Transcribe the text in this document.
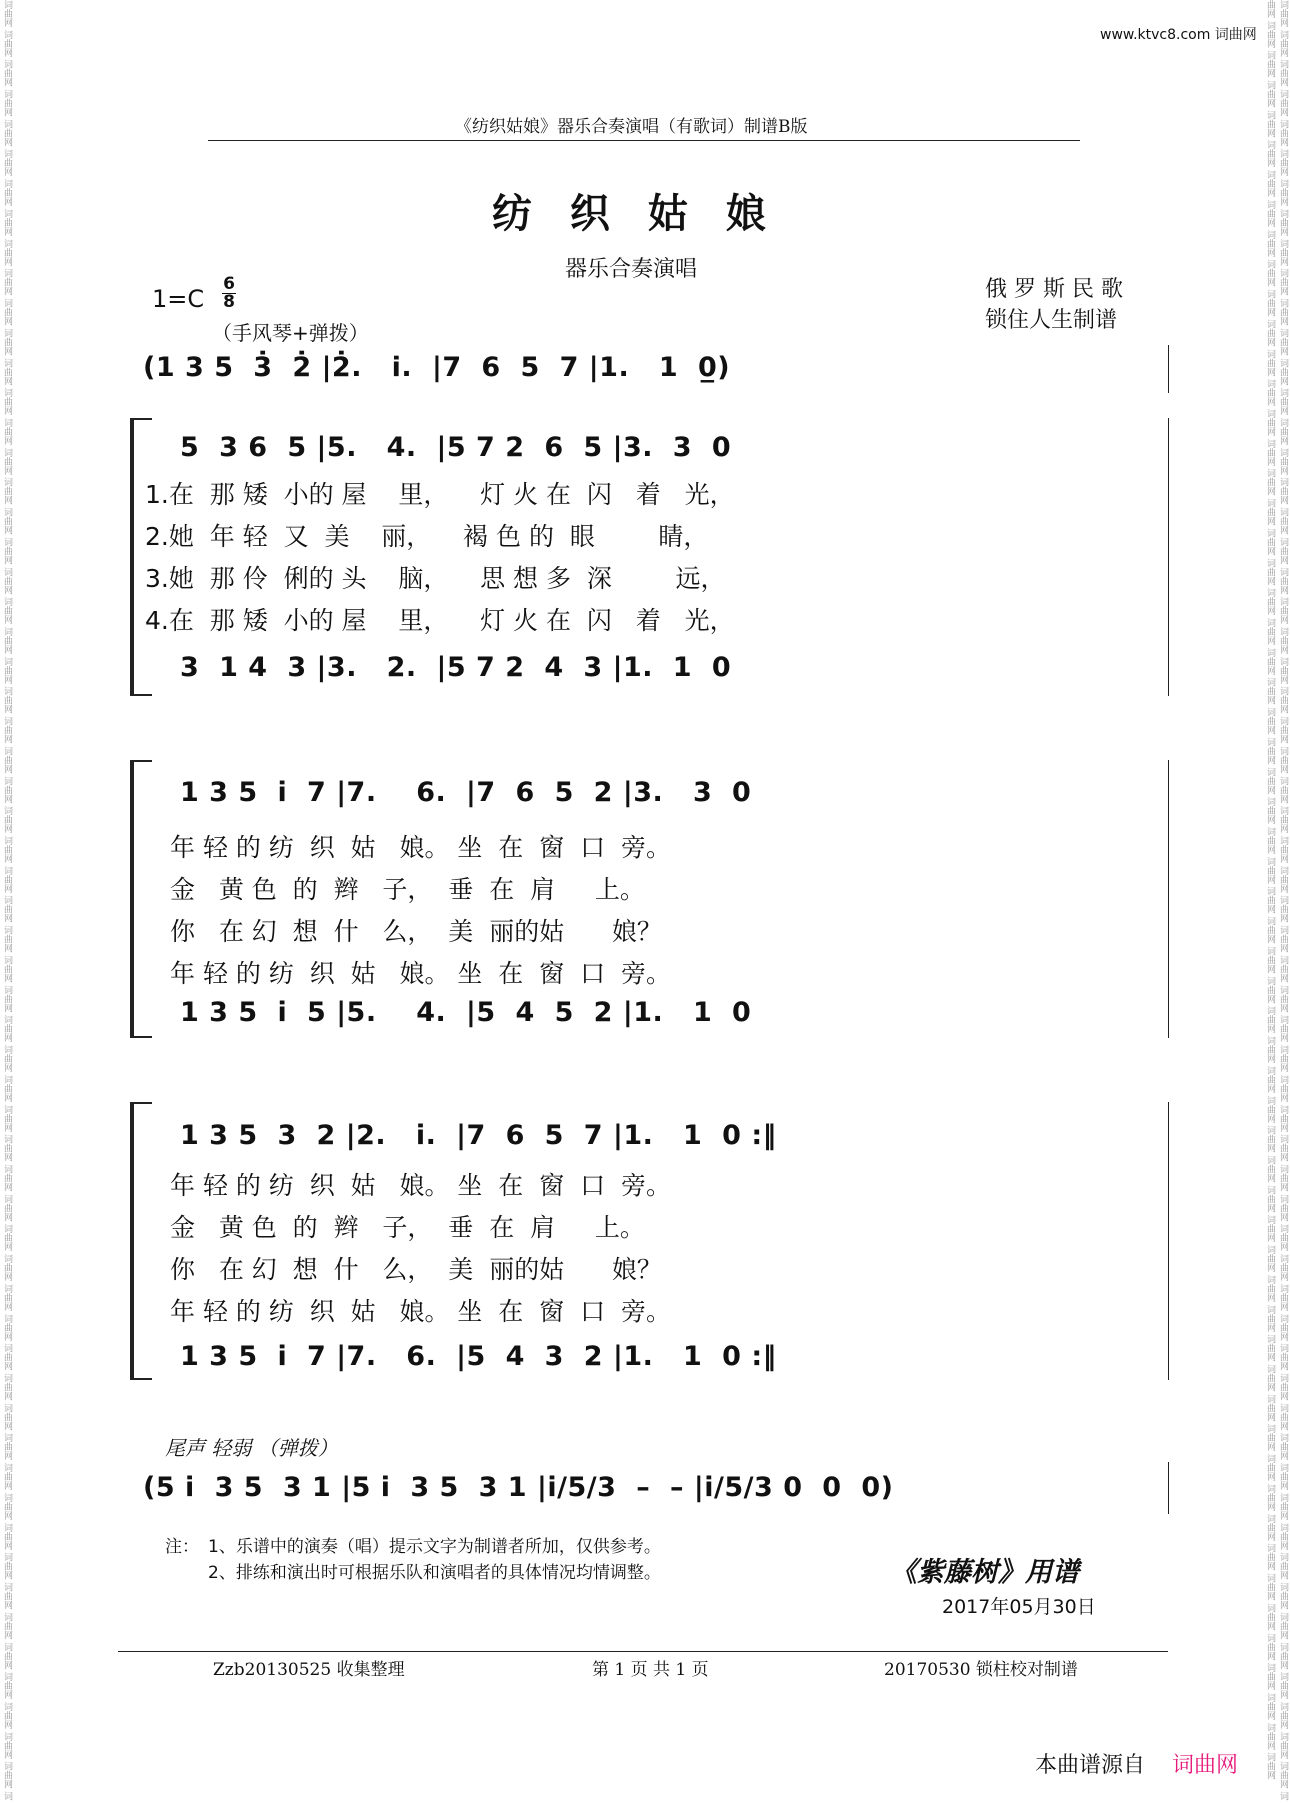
词曲网 词曲网 词曲网 词曲网 词曲网 词曲网 词曲网 词曲网 词曲网 词曲网 词曲网 词曲网 词曲网 词曲网 词曲网 词曲网 词曲网 词曲网 词曲网 词曲网 词曲网 词曲网 词曲网 词曲网 词曲网 词曲网 词曲网 词曲网 词曲网 词曲网 词曲网 词曲网 词曲网 词曲网 词曲网 词曲网 词曲网 词曲网 词曲网 词曲网 词曲网 词曲网 词曲网 词曲网 词曲网 词曲网 词曲网 词曲网 词曲网 词曲网 词曲网 词曲网 词曲网 词曲网 词曲网 词曲网 词曲网 词曲网 词曲网 词曲网 词	词曲网 词曲网 词曲网 词曲网 词曲网 词曲网 词曲网 词曲网 词曲网 词曲网 词曲网 词曲网 词曲网 词曲网 词曲网 词曲网 词曲网 词曲网 词曲网 词曲网 词曲网 词曲网 词曲网 词曲网 词曲网 词曲网 词曲网 词曲网 词曲网 词曲网 词曲网 词曲网 词曲网 词曲网 词曲网 词曲网 词曲网 词曲网 词曲网 词曲网 词曲网 词曲网 词曲网 词曲网 词曲网 词曲网 词曲网 词曲网 词曲网 词曲网 词曲网 词曲网 词曲网 词曲网 词曲网 词曲网 词曲网 词曲网 词曲网 词曲网 词曲网 词曲网 词曲网 词曲网 词曲网 词曲网 词曲网 词曲网 词曲网 词曲网 词曲网 词曲网 词曲网 词曲网 词曲网 词曲网 词曲网 词曲网 词曲网 词曲网 词曲网 词曲网 词曲网 词曲网 词曲网 词曲网 词曲网 词曲网 词曲网 词曲网 词曲网 词曲网 词曲网 词曲网 词曲网 词曲网 词曲网 词曲网 词曲网 词曲网 词曲网 词曲网 词曲网 词曲网 词曲网 词曲网 词曲网 词曲网 词曲网 词曲网 词曲网 词曲网 词曲网 词曲网 词曲网 词曲网 词曲网 词曲网 词曲网 词曲网
www.ktvc8.com 词曲网
《纺织姑娘》器乐合奏演唱（有歌词）制谱B版
纺 织 姑 娘
器乐合奏演唱
1=C
6
8
（手风琴+弹拨）
俄 罗 斯 民 歌
锁住人生制谱
(1 3 5  3̇  2̇ |2̇.   i̇.  |7  6  5  7 |1.   1  0̲)
5  3 6  5 |5.   4.  |5 7 2  6  5 |3.  3  0
1.在  那 矮  小的 屋    里，    灯 火 在  闪   着   光，
2.她  年 轻  又  美    丽，    褐 色 的  眼        睛，
3.她  那 伶  俐的 头    脑，    思 想 多  深        远，
4.在  那 矮  小的 屋    里，    灯 火 在  闪   着   光，
3  1 4  3 |3.   2.  |5 7 2  4  3 |1.  1  0
1 3 5  i  7 |7.    6.  |7  6  5  2 |3.   3  0
年 轻 的 纺  织  姑   娘。 坐  在  窗  口  旁。
金   黄 色  的  辫   子，  垂  在  肩     上。
你   在 幻  想  什   么，  美  丽的姑      娘？
年 轻 的 纺  织  姑   娘。 坐  在  窗  口  旁。
1 3 5  i  5 |5.    4.  |5  4  5  2 |1.   1  0
1 3 5  3  2 |2.   i.  |7  6  5  7 |1.   1  0 :‖
年 轻 的 纺  织  姑   娘。 坐  在  窗  口  旁。
金   黄 色  的  辫   子，  垂  在  肩     上。
你   在 幻  想  什   么，  美  丽的姑      娘？
年 轻 的 纺  织  姑   娘。 坐  在  窗  口  旁。
1 3 5  i  7 |7.   6.  |5  4  3  2 |1.   1  0 :‖
尾声 轻弱 （弹拨）
(5 i  3 5  3 1 |5 i  3 5  3 1 |i/5/3  –  – |i/5/3 0  0  0)
注： 1、乐谱中的演奏（唱）提示文字为制谱者所加，仅供参考。
2、排练和演出时可根据乐队和演唱者的具体情况均情调整。	《紫藤树》用谱
2017年05月30日
Zzb20130525 收集整理	第 1 页 共 1 页	20170530 锁柱校对制谱
本曲谱源自 词曲网
